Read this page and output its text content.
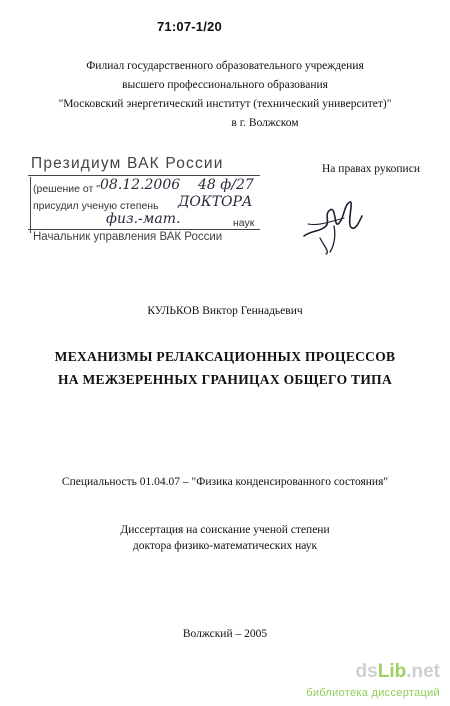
71:07-1/20
Филиал государственного образовательного учреждения
высшего профессионального образования
"Московский энергетический институт (технический университет)"
в г. Волжском
Президиум ВАК России
(решение от " 08.12.2006 48 ф/27
присудил ученую степень ДОКТОРА
физ.-мат.	наук
Начальник управления ВАК России
На правах рукописи
КУЛЬКОВ Виктор Геннадьевич
МЕХАНИЗМЫ РЕЛАКСАЦИОННЫХ ПРОЦЕССОВ
НА МЕЖЗЕРЕННЫХ ГРАНИЦАХ ОБЩЕГО ТИПА
Специальность 01.04.07 – "Физика конденсированного состояния"
Диссертация на соискание ученой степени
доктора физико-математических наук
Волжский – 2005
dsLib.net
библиотека диссертаций
